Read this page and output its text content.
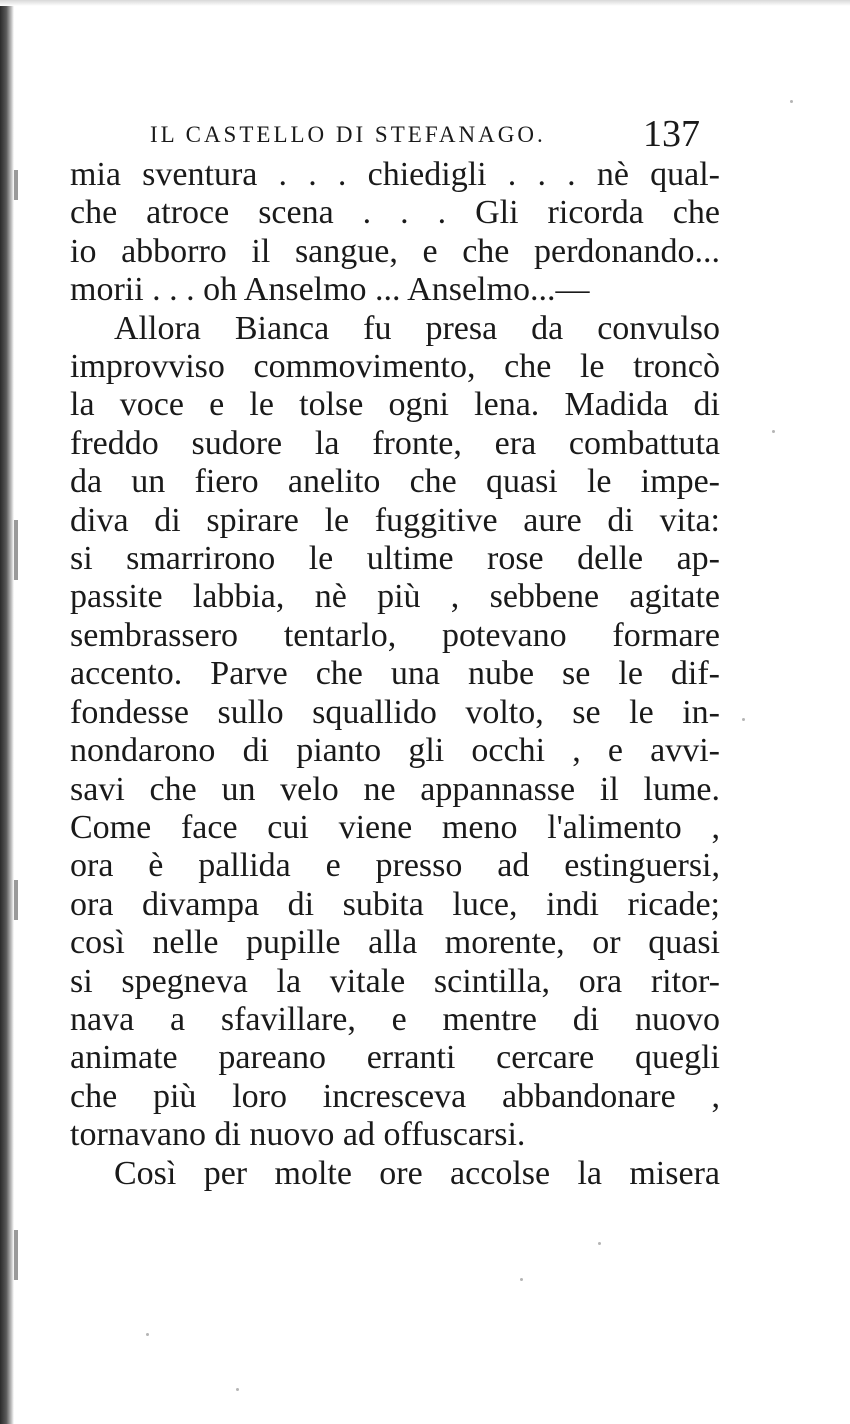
IL CASTELLO DI STEFANAGO.	137
mia sventura . . . chiedigli . . . nè qual-
che atroce scena . . . Gli ricorda che
io abborro il sangue, e che perdonando...
morii . . . oh Anselmo ... Anselmo...—
Allora Bianca fu presa da convulso
improvviso commovimento, che le troncò
la voce e le tolse ogni lena. Madida di
freddo sudore la fronte, era combattuta
da un fiero anelito che quasi le impe-
diva di spirare le fuggitive aure di vita:
si smarrirono le ultime rose delle ap-
passite labbia, nè più , sebbene agitate
sembrassero tentarlo, potevano formare
accento. Parve che una nube se le dif-
fondesse sullo squallido volto, se le in-
nondarono di pianto gli occhi , e avvi-
savi che un velo ne appannasse il lume.
Come face cui viene meno l'alimento ,
ora è pallida e presso ad estinguersi,
ora divampa di subita luce, indi ricade;
così nelle pupille alla morente, or quasi
si spegneva la vitale scintilla, ora ritor-
nava a sfavillare, e mentre di nuovo
animate pareano erranti cercare quegli
che più loro incresceva abbandonare ,
tornavano di nuovo ad offuscarsi.
Così per molte ore accolse la misera
